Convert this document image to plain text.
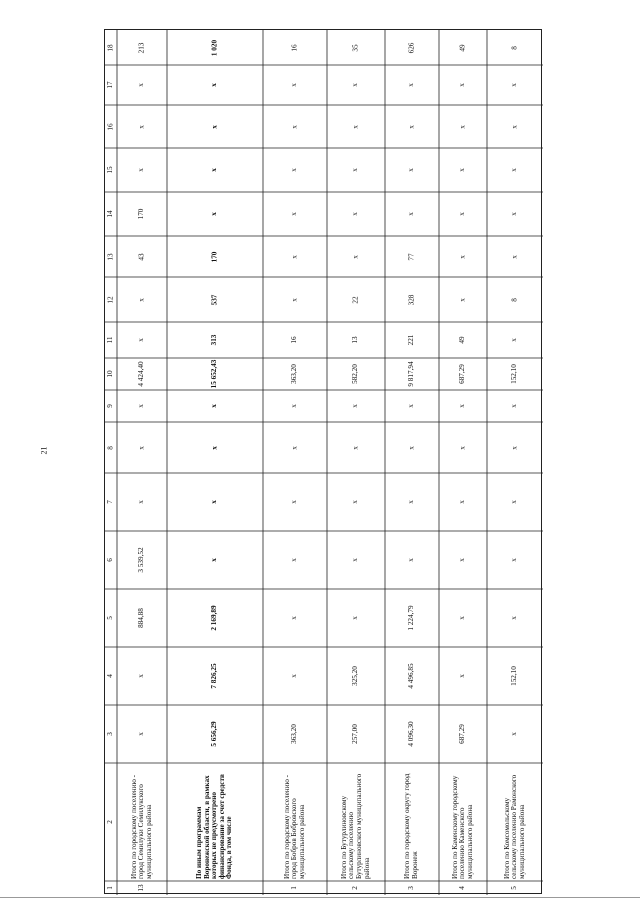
21
1
2
3
4
5
6
7
8
9
10
11
12
13
14
15
16
17
18
13
Итого по городскому поселению - город Семилуки Семилукского муниципального района
х
х
884,88
3 539,52
х
х
х
4 424,40
х
х
43
170
х
х
х
213
По иным программам Воронежской области, в рамках которых не предусмотрено финансирование за счет средств Фонда, в том числе
5 656,29
7 826,25
2 169,89
х
х
х
х
15 652,43
313
537
170
х
х
х
х
1 020
1
Итого по городскому поселению - город Бобров Бобровского муниципального района
363,20
х
х
х
х
х
х
363,20
16
х
х
х
х
х
х
16
2
Итого по Бутурлиновскому сельскому поселению Бутурлиновского муниципального района
257,00
325,20
х
х
х
х
х
582,20
13
22
х
х
х
х
х
35
3
Итого по городскому округу город Воронеж
4 096,30
4 496,85
1 224,79
х
х
х
х
9 817,94
221
328
77
х
х
х
х
626
4
Итого по Каменскому городскому поселению Каменского муниципального района
687,29
х
х
х
х
х
х
687,29
49
х
х
х
х
х
х
49
5
Итого по Комсомольскому сельскому поселению Рамонского муниципального района
х
152,10
х
х
х
х
х
152,10
х
8
х
х
х
х
х
8
